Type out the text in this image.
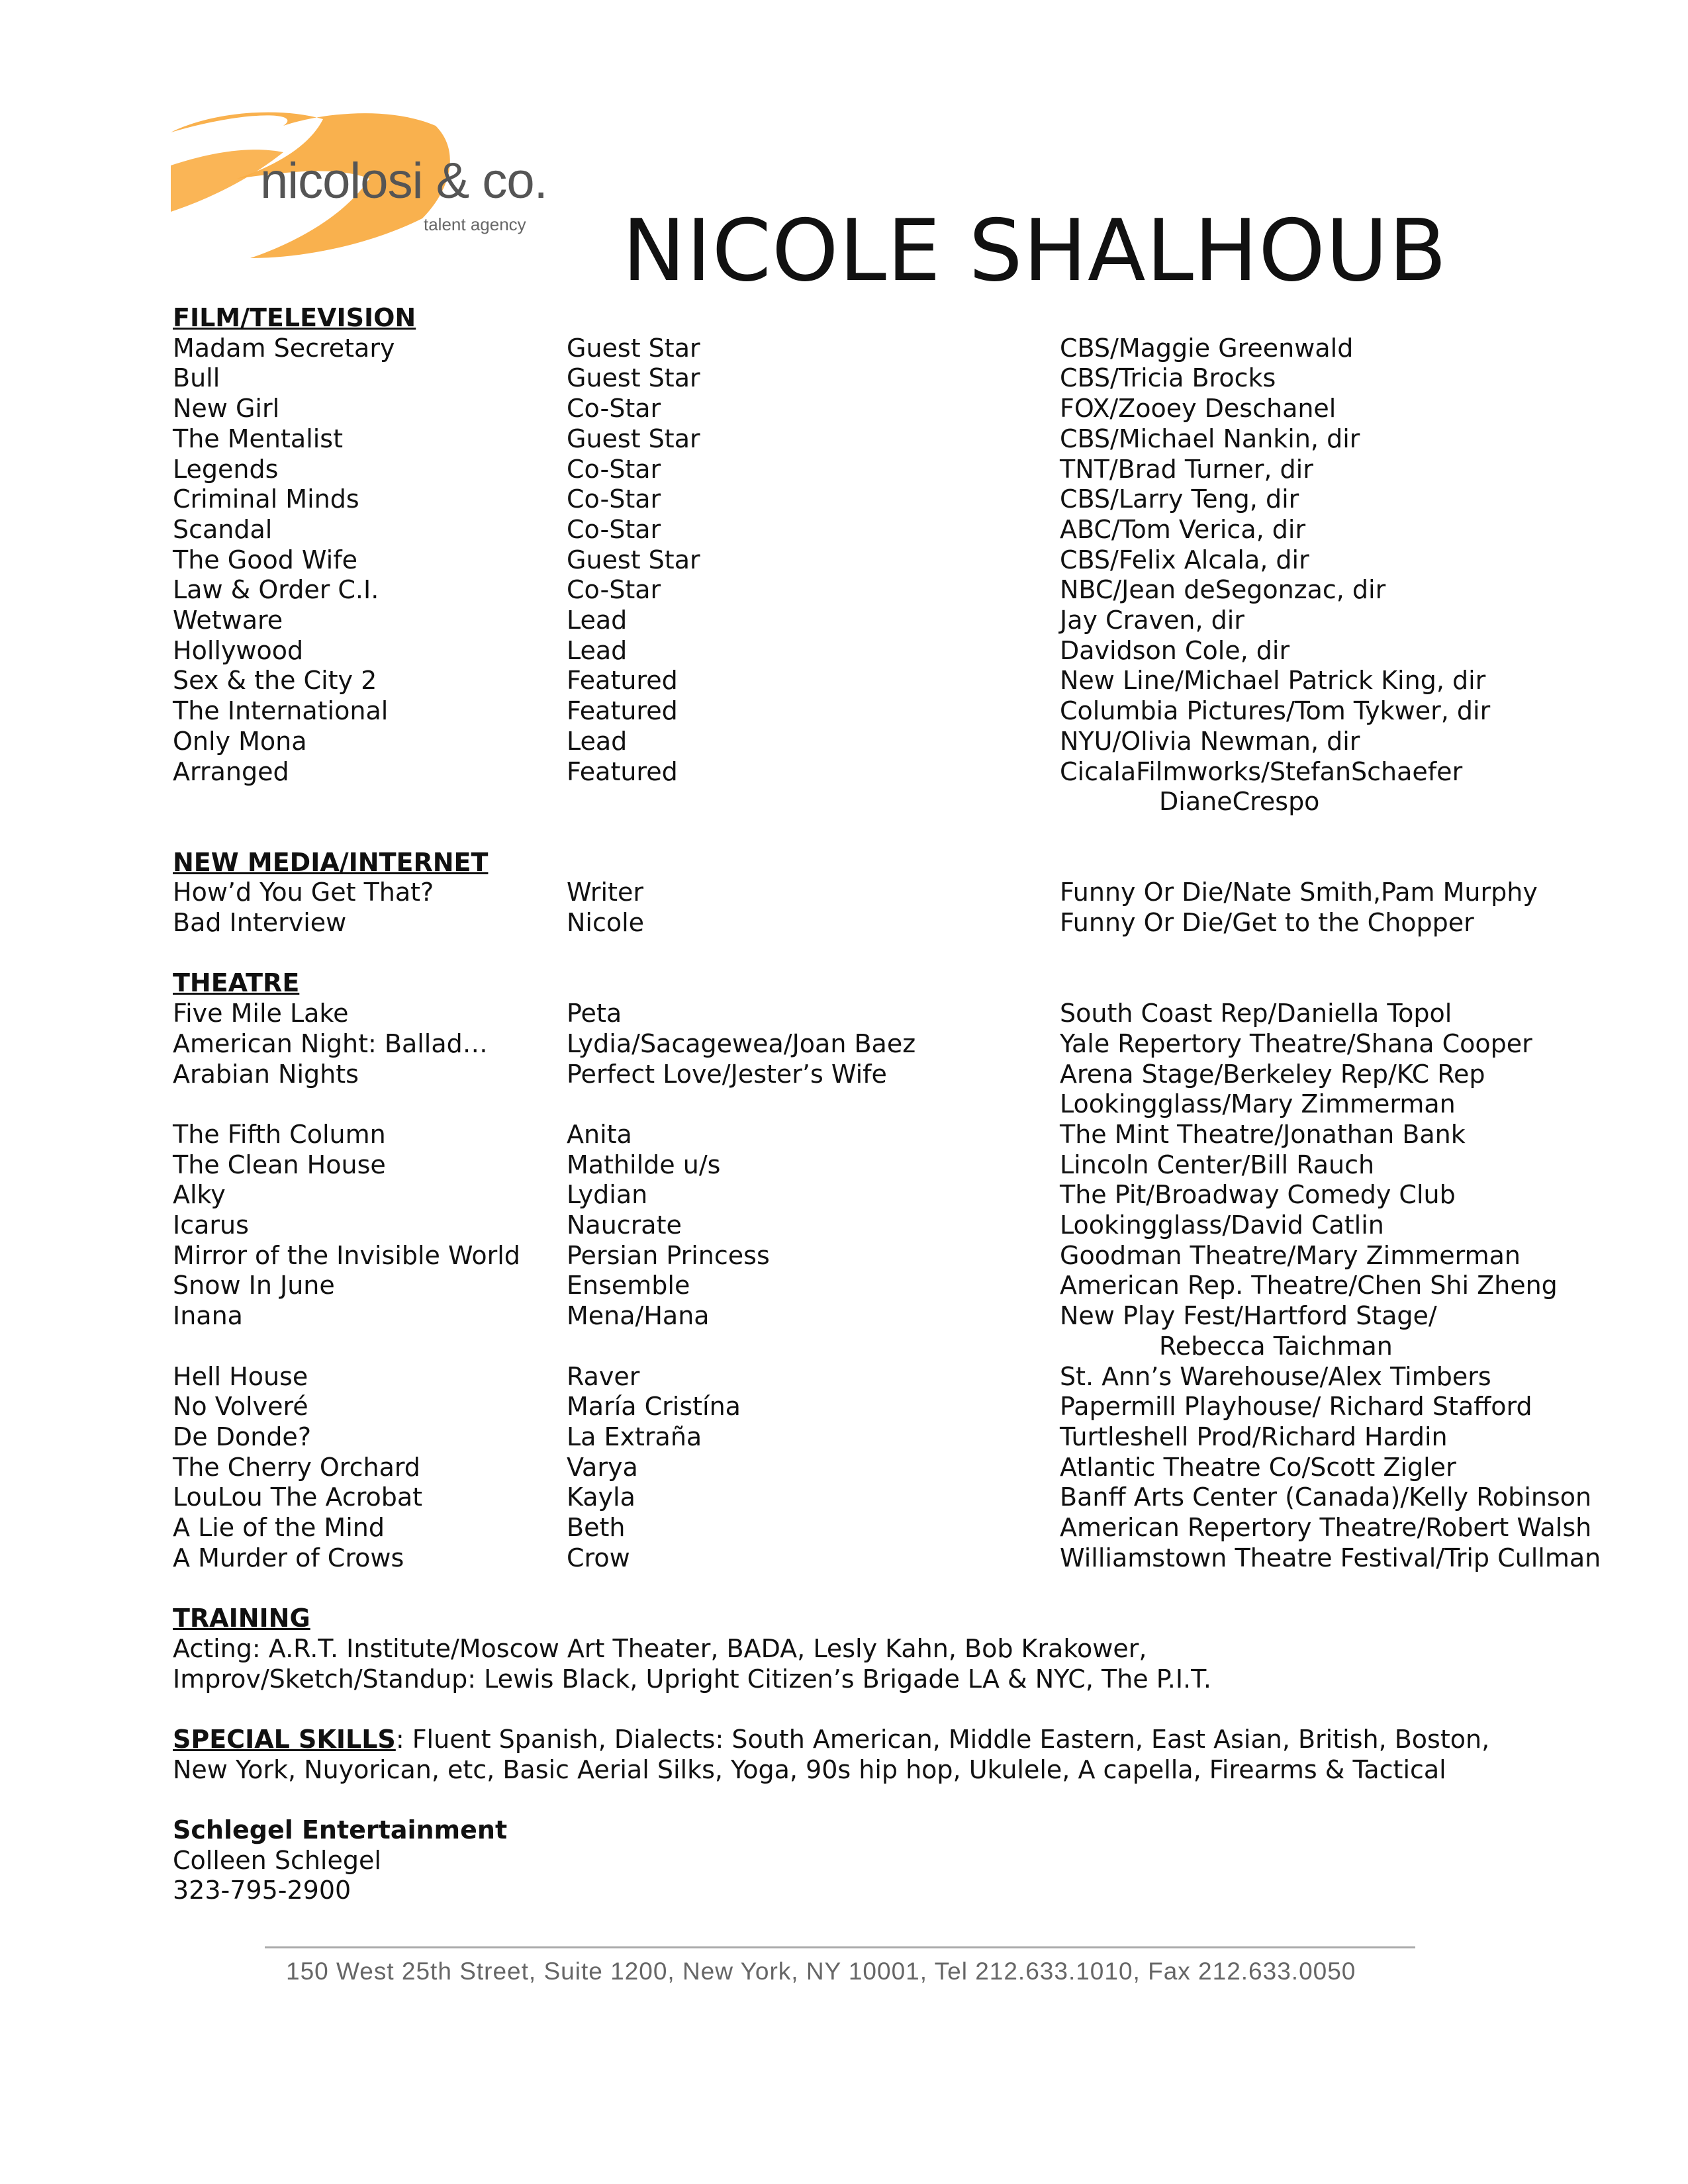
nicolosi & co.
talent agency NICOLE SHALHOUB
FILM/TELEVISION
Madam Secretary	Guest Star	CBS/Maggie Greenwald
Bull	Guest Star	CBS/Tricia Brocks
New Girl	Co-Star	FOX/Zooey Deschanel
The Mentalist	Guest Star	CBS/Michael Nankin, dir
Legends	Co-Star	TNT/Brad Turner, dir
Criminal Minds	Co-Star	CBS/Larry Teng, dir
Scandal	Co-Star	ABC/Tom Verica, dir
The Good Wife	Guest Star	CBS/Felix Alcala, dir
Law & Order C.I.	Co-Star	NBC/Jean deSegonzac, dir
Wetware	Lead	Jay Craven, dir
Hollywood	Lead	Davidson Cole, dir
Sex & the City 2	Featured	New Line/Michael Patrick King, dir
The International	Featured	Columbia Pictures/Tom Tykwer, dir
Only Mona	Lead	NYU/Olivia Newman, dir
Arranged	Featured	CicalaFilmworks/StefanSchaefer
DianeCrespo
NEW MEDIA/INTERNET
How’d You Get That?	Writer	Funny Or Die/Nate Smith,Pam Murphy
Bad Interview	Nicole	Funny Or Die/Get to the Chopper
THEATRE
Five Mile Lake	Peta	South Coast Rep/Daniella Topol
American Night: Ballad…	Lydia/Sacagewea/Joan Baez	Yale Repertory Theatre/Shana Cooper
Arabian Nights	Perfect Love/Jester’s Wife	Arena Stage/Berkeley Rep/KC Rep
Lookingglass/Mary Zimmerman
The Fifth Column	Anita	The Mint Theatre/Jonathan Bank
The Clean House	Mathilde u/s	Lincoln Center/Bill Rauch
Alky	Lydian	The Pit/Broadway Comedy Club
Icarus	Naucrate	Lookingglass/David Catlin
Mirror of the Invisible World	Persian Princess	Goodman Theatre/Mary Zimmerman
Snow In June	Ensemble	American Rep. Theatre/Chen Shi Zheng
Inana	Mena/Hana	New Play Fest/Hartford Stage/
Rebecca Taichman
Hell House	Raver	St. Ann’s Warehouse/Alex Timbers
No Volveré	María Cristína	Papermill Playhouse/ Richard Stafford
De Donde?	La Extraña	Turtleshell Prod/Richard Hardin
The Cherry Orchard	Varya	Atlantic Theatre Co/Scott Zigler
LouLou The Acrobat	Kayla	Banff Arts Center (Canada)/Kelly Robinson
A Lie of the Mind	Beth	American Repertory Theatre/Robert Walsh
A Murder of Crows	Crow	Williamstown Theatre Festival/Trip Cullman
TRAINING
Acting: A.R.T. Institute/Moscow Art Theater, BADA, Lesly Kahn, Bob Krakower,
Improv/Sketch/Standup: Lewis Black, Upright Citizen’s Brigade LA & NYC, The P.I.T.
SPECIAL SKILLS: Fluent Spanish, Dialects: South American, Middle Eastern, East Asian, British, Boston,
New York, Nuyorican, etc, Basic Aerial Silks, Yoga, 90s hip hop, Ukulele, A capella, Firearms & Tactical
Schlegel Entertainment
Colleen Schlegel
323-795-2900
150 West 25th Street, Suite 1200, New York, NY 10001, Tel 212.633.1010, Fax 212.633.0050
